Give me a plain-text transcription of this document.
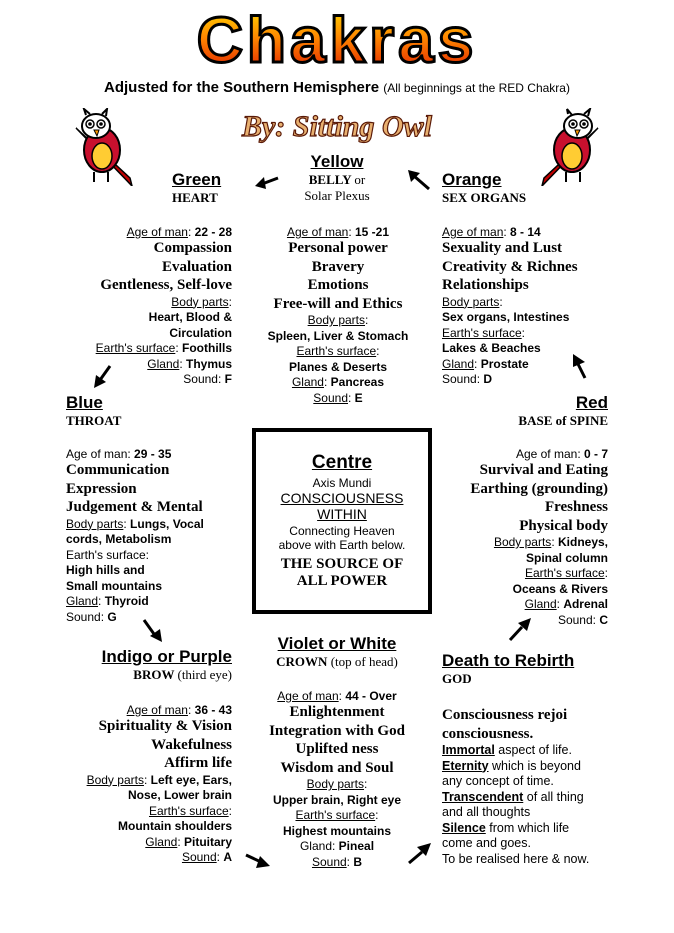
Chakras
Adjusted for the Southern Hemisphere (All beginnings at the RED Chakra)
By: Sitting Owl
Yellow
BELLY or
Solar Plexus
Age of man: 15 -21
Personal power
Bravery
Emotions
Free-will and Ethics
Body parts:
Spleen, Liver & Stomach
Earth's surface:
Planes & Deserts
Gland: Pancreas
Sound: E
Green
HEART
Age of man: 22 - 28
Compassion
Evaluation
Gentleness, Self-love
Body parts:
Heart, Blood &
Circulation
Earth's surface: Foothills
Gland: Thymus
Sound: F
Orange
SEX ORGANS
Age of man: 8 - 14
Sexuality and Lust
Creativity & Richnes
Relationships
Body parts:
Sex organs, Intestines
Earth's surface:
Lakes & Beaches
Gland: Prostate
Sound: D
Blue
THROAT
Age of man: 29 - 35
Communication
Expression
Judgement & Mental
Body parts: Lungs, Vocal
cords, Metabolism
Earth's surface:
High hills and
Small mountains
Gland: Thyroid
Sound: G
Red
BASE of SPINE
Age of man: 0 - 7
Survival and Eating
Earthing (grounding)
Freshness
Physical body
Body parts: Kidneys,
Spinal column
Earth's surface:
Oceans & Rivers
Gland: Adrenal
Sound: C
Centre
Axis Mundi
CONSCIOUSNESS
WITHIN
Connecting Heaven
above with Earth below.
THE SOURCE OF
ALL POWER
Indigo or Purple
BROW (third eye)
Age of man: 36 - 43
Spirituality & Vision
Wakefulness
Affirm life
Body parts: Left eye, Ears,
Nose, Lower brain
Earth's surface:
Mountain shoulders
Gland: Pituitary
Sound: A
Violet or White
CROWN (top of head)
Age of man: 44 - Over
Enlightenment
Integration with God
Uplifted ness
Wisdom and Soul
Body parts:
Upper brain, Right eye
Earth's surface:
Highest mountains
Gland: Pineal
Sound: B
Death to Rebirth
GOD
Consciousness rejoi
consciousness.
Immortal aspect of life.
Eternity which is beyond
any concept of time.
Transcendent of all thing
and all thoughts
Silence from which life
come and goes.
To be realised here & now.
